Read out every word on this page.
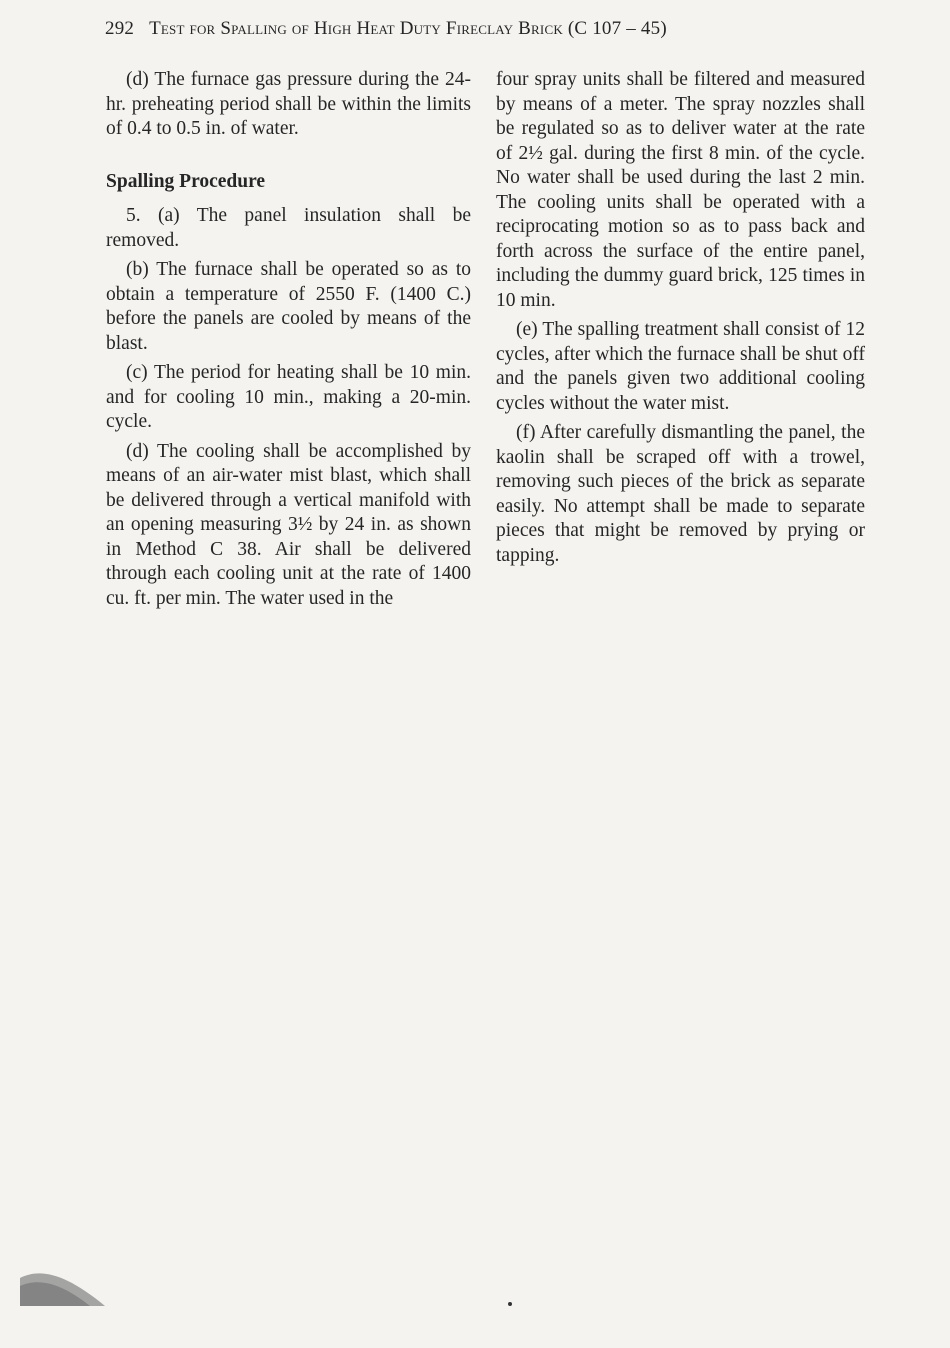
292 Test for Spalling of High Heat Duty Fireclay Brick (C 107 – 45)

(d) The furnace gas pressure during the 24-hr. preheating period shall be within the limits of 0.4 to 0.5 in. of water.

Spalling Procedure

5. (a) The panel insulation shall be removed.

(b) The furnace shall be operated so as to obtain a temperature of 2550 F. (1400 C.) before the panels are cooled by means of the blast.

(c) The period for heating shall be 10 min. and for cooling 10 min., making a 20-min. cycle.

(d) The cooling shall be accomplished by means of an air-water mist blast, which shall be delivered through a vertical manifold with an opening measuring 3½ by 24 in. as shown in Method C 38. Air shall be delivered through each cooling unit at the rate of 1400 cu. ft. per min. The water used in the

four spray units shall be filtered and measured by means of a meter. The spray nozzles shall be regulated so as to deliver water at the rate of 2½ gal. during the first 8 min. of the cycle. No water shall be used during the last 2 min. The cooling units shall be operated with a reciprocating motion so as to pass back and forth across the surface of the entire panel, including the dummy guard brick, 125 times in 10 min.

(e) The spalling treatment shall consist of 12 cycles, after which the furnace shall be shut off and the panels given two additional cooling cycles without the water mist.

(f) After carefully dismantling the panel, the kaolin shall be scraped off with a trowel, removing such pieces of the brick as separate easily. No attempt shall be made to separate pieces that might be removed by prying or tapping.
